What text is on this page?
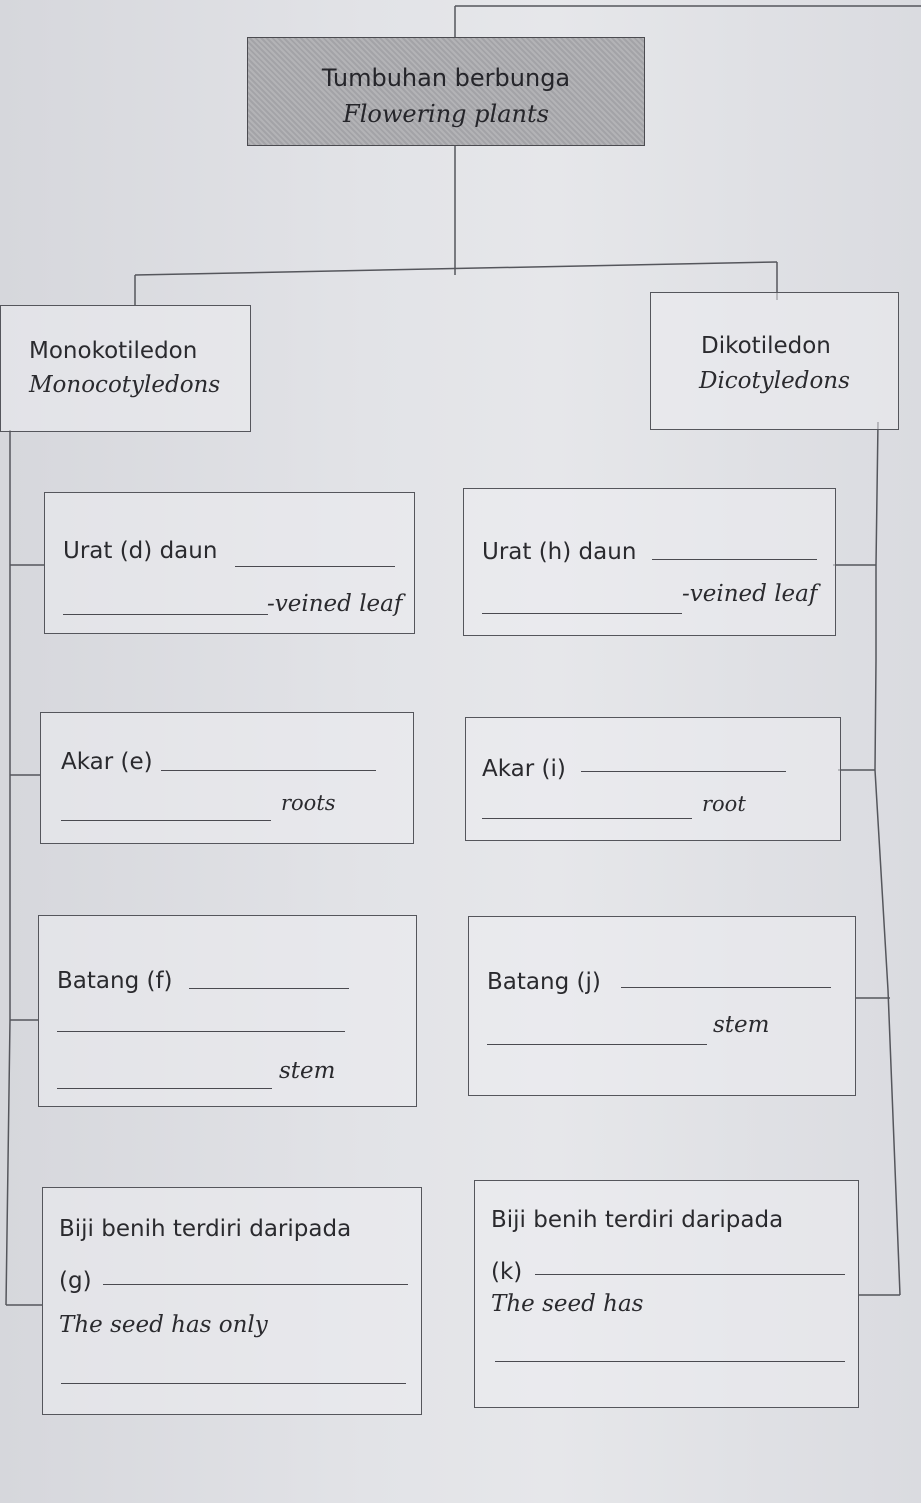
Tumbuhan berbunga
Flowering plants
Monokotiledon
Monocotyledons
Dikotiledon
Dicotyledons
Urat (d) daun
-veined leaf
Urat (h) daun
-veined leaf
Akar (e)
roots
Akar (i)
root
Batang (f)
stem
Batang (j)
stem
Biji benih terdiri daripada
(g)
The seed has only
Biji benih terdiri daripada
(k)
The seed has
